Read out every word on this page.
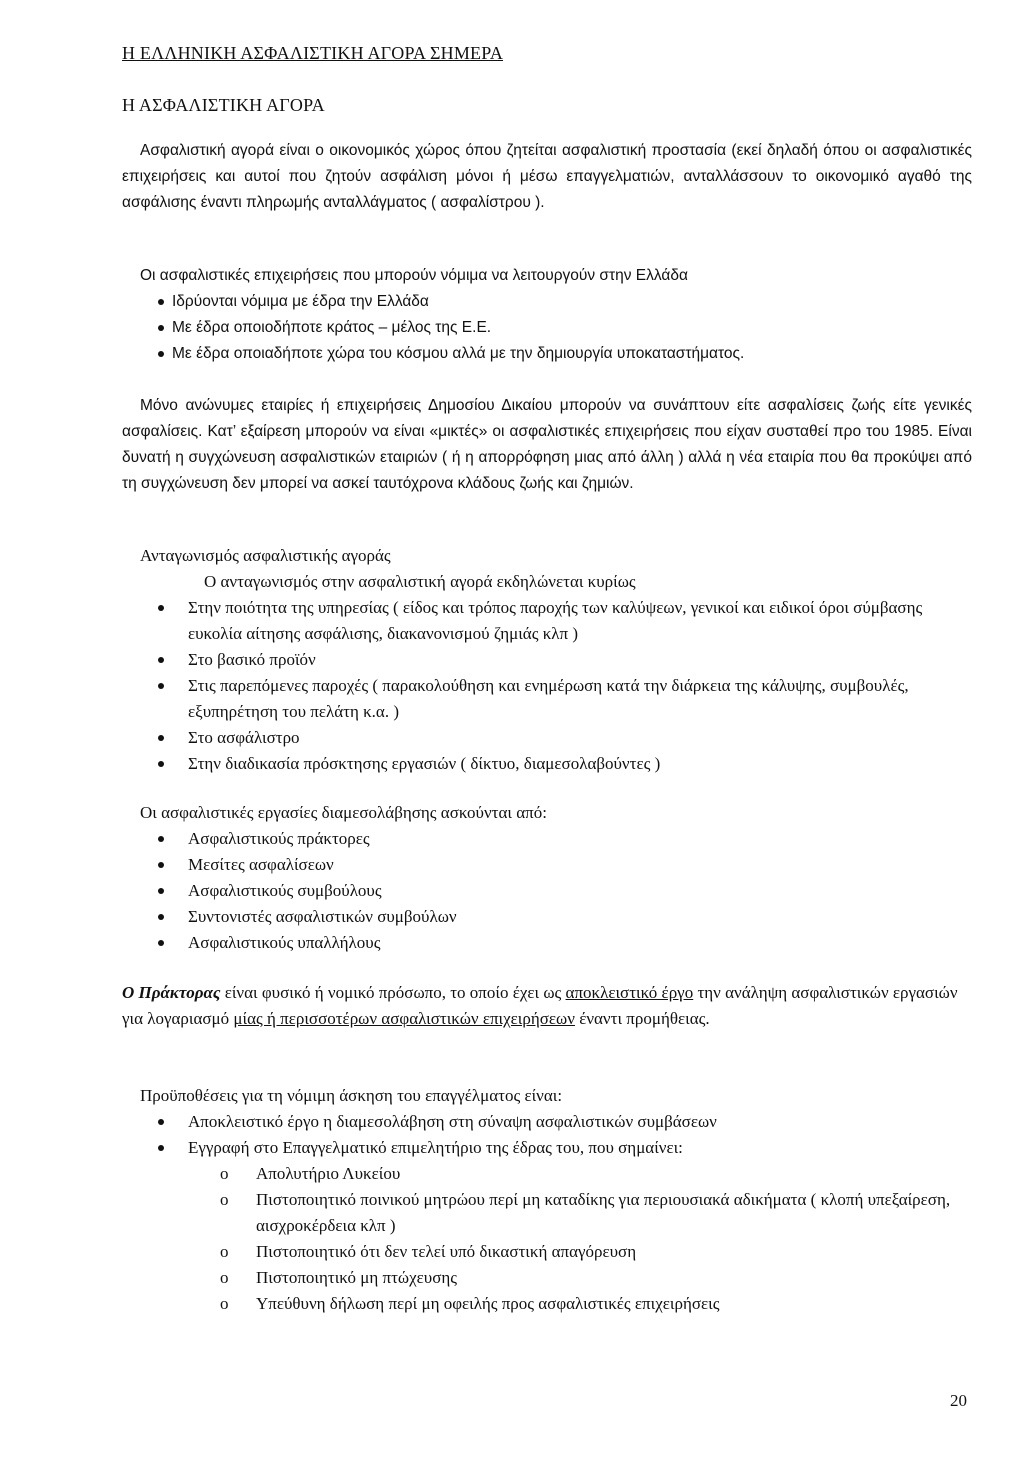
Η ΕΛΛΗΝΙΚΗ ΑΣΦΑΛΙΣΤΙΚΗ ΑΓΟΡΑ ΣΗΜΕΡΑ
Η ΑΣΦΑΛΙΣΤΙΚΗ ΑΓΟΡΑ

Ασφαλιστική αγορά είναι ο οικονομικός χώρος όπου ζητείται ασφαλιστική προστασία (εκεί δηλαδή όπου οι ασφαλιστικές επιχειρήσεις και αυτοί που ζητούν ασφάλιση μόνοι ή μέσω επαγγελματιών, ανταλλάσσουν το οικονομικό αγαθό της ασφάλισης έναντι πληρωμής ανταλλάγματος ( ασφαλίστρου ).

Οι ασφαλιστικές επιχειρήσεις που μπορούν νόμιμα να λειτουργούν στην Ελλάδα
Ιδρύονται νόμιμα με έδρα την Ελλάδα
Με έδρα οποιοδήποτε κράτος – μέλος της Ε.Ε.
Με έδρα οποιαδήποτε χώρα του κόσμου αλλά με την δημιουργία υποκαταστήματος.

Μόνο ανώνυμες εταιρίες ή επιχειρήσεις Δημοσίου Δικαίου μπορούν να συνάπτουν είτε ασφαλίσεις ζωής είτε γενικές ασφαλίσεις. Κατ’ εξαίρεση μπορούν να είναι «μικτές» οι ασφαλιστικές επιχειρήσεις που είχαν συσταθεί προ του 1985. Είναι δυνατή η συγχώνευση ασφαλιστικών εταιριών ( ή η απορρόφηση μιας από άλλη ) αλλά η νέα εταιρία που θα προκύψει από τη συγχώνευση δεν μπορεί να ασκεί ταυτόχρονα κλάδους ζωής και ζημιών.

Ανταγωνισμός ασφαλιστικής αγοράς
Ο ανταγωνισμός στην ασφαλιστική αγορά εκδηλώνεται κυρίως
Στην ποιότητα της υπηρεσίας ( είδος και τρόπος παροχής των καλύψεων, γενικοί και ειδικοί όροι σύμβασης ευκολία αίτησης ασφάλισης, διακανονισμού ζημιάς κλπ )
Στο βασικό προϊόν
Στις παρεπόμενες παροχές ( παρακολούθηση και ενημέρωση κατά την διάρκεια της κάλυψης, συμβουλές, εξυπηρέτηση του πελάτη κ.α. )
Στο ασφάλιστρο
Στην διαδικασία πρόσκτησης εργασιών ( δίκτυο, διαμεσολαβούντες )
Οι ασφαλιστικές εργασίες διαμεσολάβησης ασκούνται από:
Ασφαλιστικούς πράκτορες
Μεσίτες ασφαλίσεων
Ασφαλιστικούς συμβούλους
Συντονιστές ασφαλιστικών συμβούλων
Ασφαλιστικούς υπαλλήλους

Ο Πράκτορας είναι φυσικό ή νομικό πρόσωπο, το οποίο έχει ως αποκλειστικό έργο την ανάληψη ασφαλιστικών εργασιών για λογαριασμό μίας ή περισσοτέρων ασφαλιστικών επιχειρήσεων έναντι προμήθειας.

Προϋποθέσεις για τη νόμιμη άσκηση του επαγγέλματος είναι:
Αποκλειστικό έργο η διαμεσολάβηση στη σύναψη ασφαλιστικών συμβάσεων
Εγγραφή στο Επαγγελματικό επιμελητήριο της έδρας του, που σημαίνει:
o Απολυτήριο Λυκείου
o Πιστοποιητικό ποινικού μητρώου περί μη καταδίκης για περιουσιακά αδικήματα ( κλοπή υπεξαίρεση, αισχροκέρδεια κλπ )
o Πιστοποιητικό ότι δεν τελεί υπό δικαστική απαγόρευση
o Πιστοποιητικό μη πτώχευσης
o Υπεύθυνη δήλωση περί μη οφειλής προς ασφαλιστικές επιχειρήσεις
20
